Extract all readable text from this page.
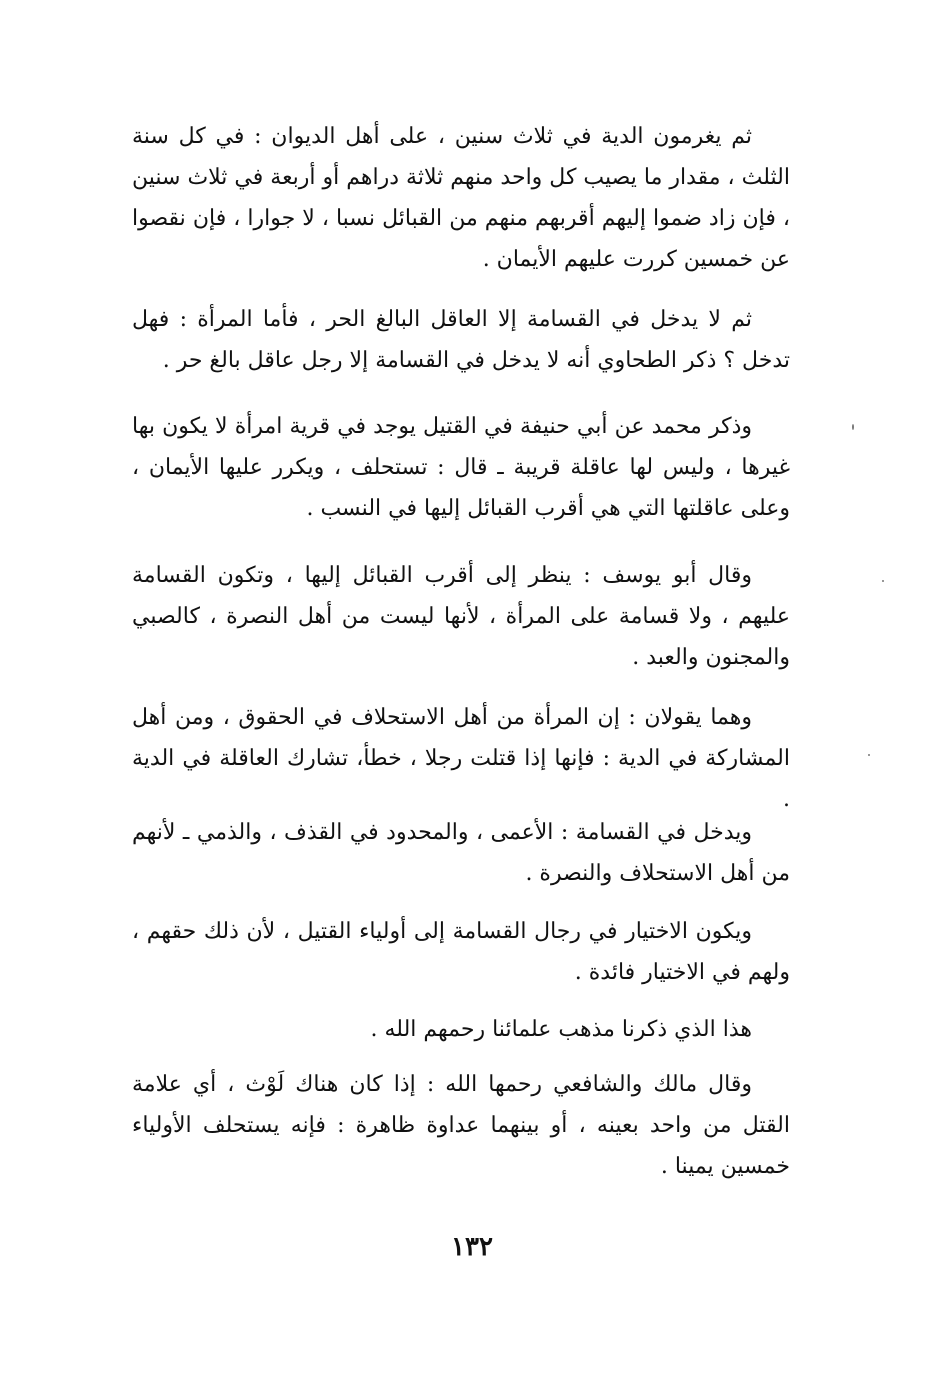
ثم يغرمون الدية في ثلاث سنين ، على أهل الديوان : في كل سنة الثلث ، مقدار ما يصيب كل واحد منهم ثلاثة دراهم أو أربعة في ثلاث سنين ، فإن زاد ضموا إليهم أقربهم منهم من القبائل نسبا ، لا جوارا ، فإن نقصوا عن خمسين كررت عليهم الأيمان .

ثم لا يدخل في القسامة إلا العاقل البالغ الحر ، فأما المرأة : فهل تدخل ؟ ذكر الطحاوي أنه لا يدخل في القسامة إلا رجل عاقل بالغ حر .

وذكر محمد عن أبي حنيفة في القتيل يوجد في قرية امرأة لا يكون بها غيرها ، وليس لها عاقلة قريبة ـ قال : تستحلف ، ويكرر عليها الأيمان ، وعلى عاقلتها التي هي أقرب القبائل إليها في النسب .

وقال أبو يوسف : ينظر إلى أقرب القبائل إليها ، وتكون القسامة عليهم ، ولا قسامة على المرأة ، لأنها ليست من أهل النصرة ، كالصبي والمجنون والعبد .

وهما يقولان : إن المرأة من أهل الاستحلاف في الحقوق ، ومن أهل المشاركة في الدية : فإنها إذا قتلت رجلا ، خطأ، تشارك العاقلة في الدية .

ويدخل في القسامة : الأعمى ، والمحدود في القذف ، والذمي ـ لأنهم من أهل الاستحلاف والنصرة .

ويكون الاختيار في رجال القسامة إلى أولياء القتيل ، لأن ذلك حقهم ، ولهم في الاختيار فائدة .

هذا الذي ذكرنا مذهب علمائنا رحمهم الله .

وقال مالك والشافعي رحمها الله : إذا كان هناك لَوْث ، أي علامة القتل من واحد بعينه ، أو بينهما عداوة ظاهرة : فإنه يستحلف الأولياء خمسين يمينا .

١٣٢
